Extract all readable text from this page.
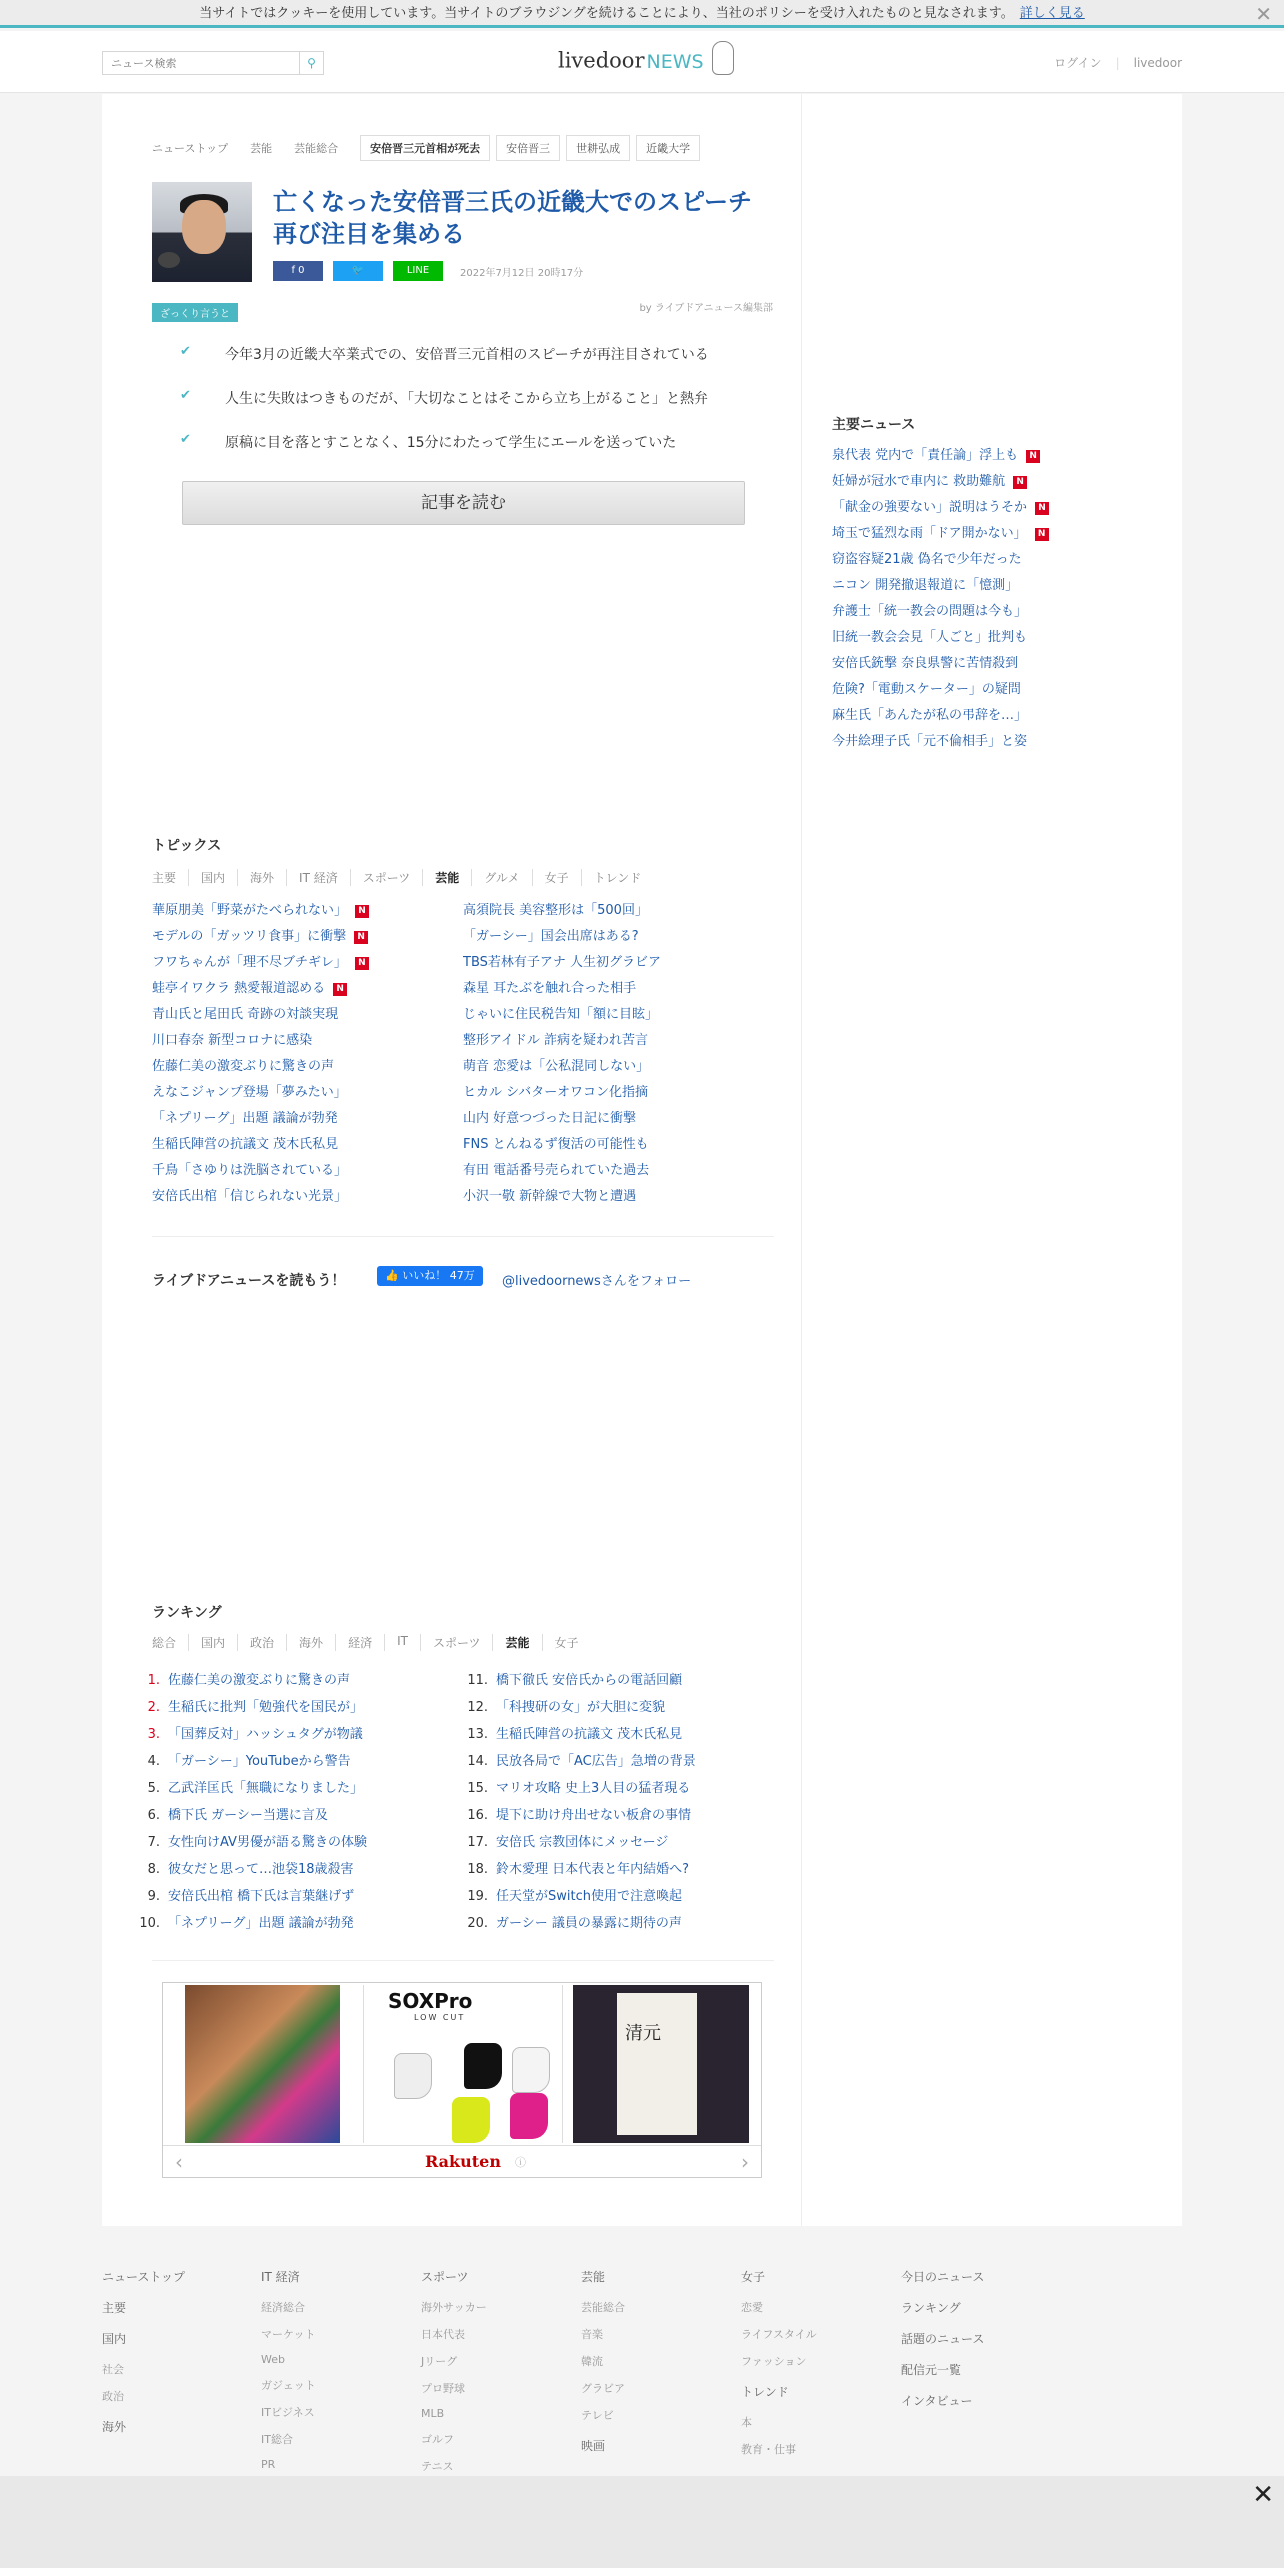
当サイトではクッキーを使用しています。当サイトのブラウジングを続けることにより、当社のポリシーを受け入れたものと見なされます。 詳しく見る	✕
ニュース検索
⚲	livedoor NEWS	ログイン | livedoor
ニューストップ 芸能 芸能総合	安倍晋三元首相が死去	安倍晋三	世耕弘成	近畿大学
亡くなった安倍晋三氏の近畿大でのスピーチ 再び注目を集める
f 0	🐦	LINE	2022年7月12日 20時17分
by ライブドアニュース編集部
ざっくり言うと
✔ 今年3月の近畿大卒業式での、安倍晋三元首相のスピーチが再注目されている
✔ 人生に失敗はつきものだが、「大切なことはそこから立ち上がること」と熱弁
✔ 原稿に目を落とすことなく、15分にわたって学生にエールを送っていた
記事を読む
トピックス
主要	国内	海外	IT 経済	スポーツ	芸能	グルメ	女子	トレンド
華原朋美「野菜がたべられない」 N
モデルの「ガッツリ食事」に衝撃 N
フワちゃんが「理不尽ブチギレ」 N
蛙亭イワクラ 熱愛報道認める N
青山氏と尾田氏 奇跡の対談実現
川口春奈 新型コロナに感染
佐藤仁美の激変ぶりに驚きの声
えなこジャンプ登場「夢みたい」
「ネプリーグ」出題 議論が勃発
生稲氏陣営の抗議文 茂木氏私見
千鳥「さゆりは洗脳されている」
安倍氏出棺「信じられない光景」
高須院長 美容整形は「500回」
「ガーシー」国会出席はある?
TBS若林有子アナ 人生初グラビア
森星 耳たぶを触れ合った相手
じゃいに住民税告知「額に目眩」
整形アイドル 詐病を疑われ苦言
萌音 恋愛は「公私混同しない」
ヒカル シバターオワコン化指摘
山内 好意つづった日記に衝撃
FNS とんねるず復活の可能性も
有田 電話番号売られていた過去
小沢一敬 新幹線で大物と遭遇
ライブドアニュースを読もう！	👍 いいね！ 47万	@livedoornewsさんをフォロー
ランキング
総合	国内	政治	海外	経済	IT	スポーツ	芸能	女子
1. 佐藤仁美の激変ぶりに驚きの声
2. 生稲氏に批判「勉強代を国民が」
3. 「国葬反対」ハッシュタグが物議
4. 「ガーシー」YouTubeから警告
5. 乙武洋匡氏「無職になりました」
6. 橋下氏 ガーシー当選に言及
7. 女性向けAV男優が語る驚きの体験
8. 彼女だと思って…池袋18歳殺害
9. 安倍氏出棺 橋下氏は言葉継げず
10. 「ネプリーグ」出題 議論が勃発
11. 橋下徹氏 安倍氏からの電話回顧
12. 「科捜研の女」が大胆に変貌
13. 生稲氏陣営の抗議文 茂木氏私見
14. 民放各局で「AC広告」急増の背景
15. マリオ攻略 史上3人目の猛者現る
16. 堤下に助け舟出せない板倉の事情
17. 安倍氏 宗教団体にメッセージ
18. 鈴木愛理 日本代表と年内結婚へ?
19. 任天堂がSwitch使用で注意喚起
20. ガーシー 議員の暴露に期待の声
SOXPro
LOW CUT
清元
‹	Rakuten ⓘ	›
主要ニュース
泉代表 党内で「責任論」浮上も N
妊婦が冠水で車内に 救助難航 N
「献金の強要ない」説明はうそか N
埼玉で猛烈な雨「ドア開かない」 N
窃盗容疑21歳 偽名で少年だった
ニコン 開発撤退報道に「憶測」
弁護士「統一教会の問題は今も」
旧統一教会会見「人ごと」批判も
安倍氏銃撃 奈良県警に苦情殺到
危険?「電動スケーター」の疑問
麻生氏「あんたが私の弔辞を…」
今井絵理子氏「元不倫相手」と姿
ニューストップ
主要
国内
社会
政治
海外
IT 経済
経済総合
マーケット
Web
ガジェット
ITビジネス
IT総合
PR
スポーツ
海外サッカー
日本代表
Jリーグ
プロ野球
MLB
ゴルフ
テニス
芸能
芸能総合
音楽
韓流
グラビア
テレビ
映画
女子
恋愛
ライフスタイル
ファッション
トレンド
本
教育・仕事
今日のニュース
ランキング
話題のニュース
配信元一覧
インタビュー
✕
